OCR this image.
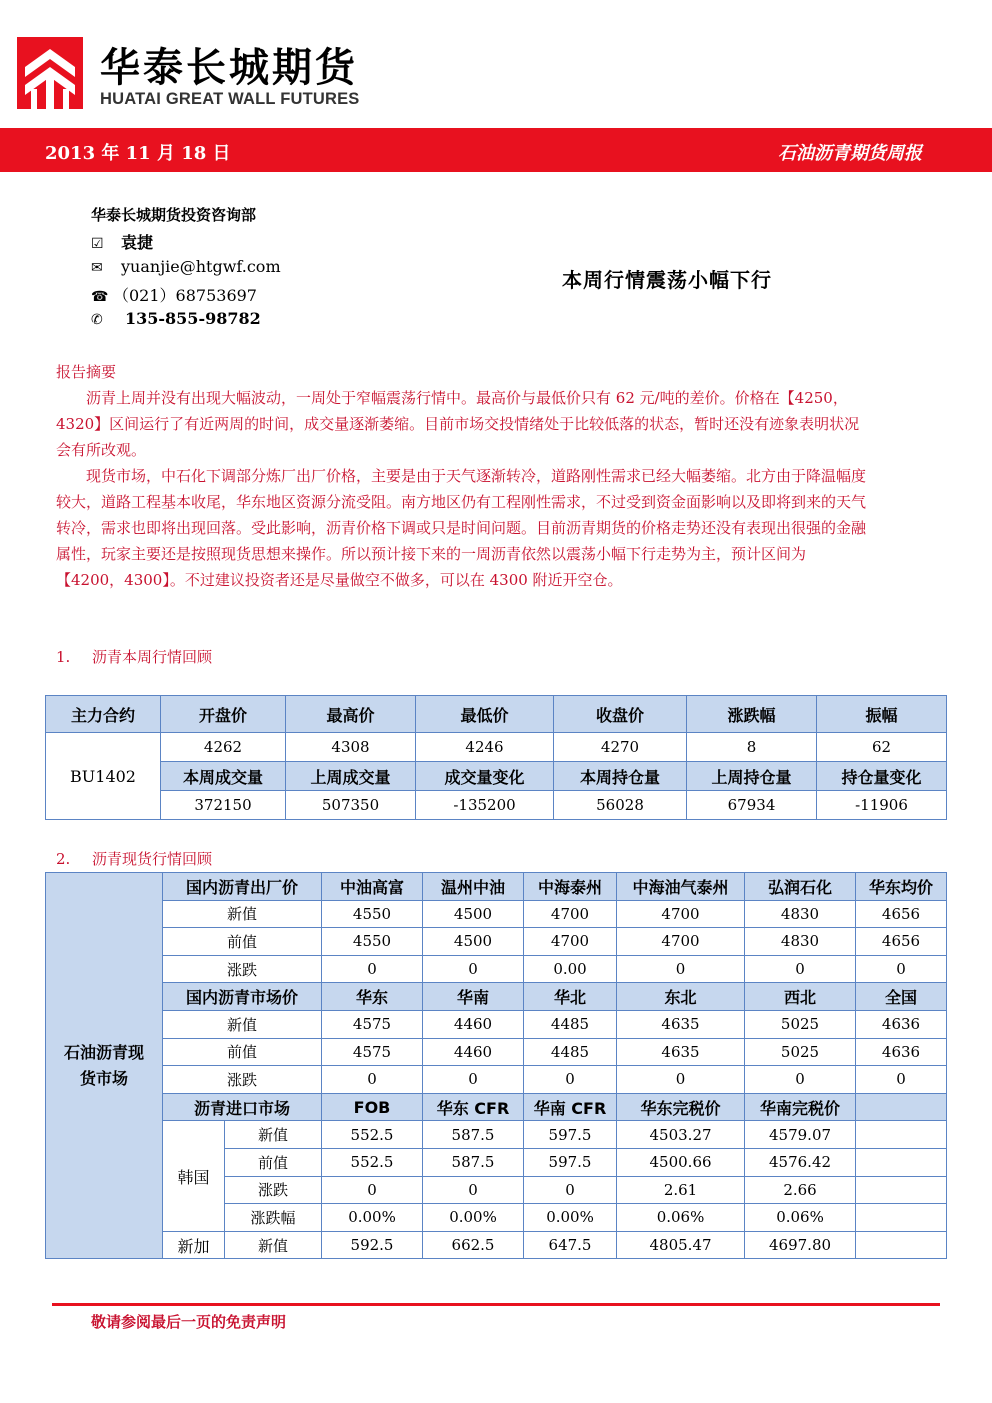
华泰长城期货
HUATAI GREAT WALL FUTURES
2013 年 11 月 18 日	石油沥青期货周报
华泰长城期货投资咨询部
☑ 袁捷
✉ yuanjie@htgwf.com
☎ （021）68753697
✆ 135-855-98782
本周行情震荡小幅下行

报告摘要

沥青上周并没有出现大幅波动，一周处于窄幅震荡行情中。最高价与最低价只有 62 元/吨的差价。价格在【4250，4320】区间运行了有近两周的时间，成交量逐渐萎缩。目前市场交投情绪处于比较低落的状态，暂时还没有迹象表明状况会有所改观。

现货市场，中石化下调部分炼厂出厂价格，主要是由于天气逐渐转冷，道路刚性需求已经大幅萎缩。北方由于降温幅度较大，道路工程基本收尾，华东地区资源分流受阻。南方地区仍有工程刚性需求，不过受到资金面影响以及即将到来的天气转冷，需求也即将出现回落。受此影响，沥青价格下调或只是时间问题。目前沥青期货的价格走势还没有表现出很强的金融属性，玩家主要还是按照现货思想来操作。所以预计接下来的一周沥青依然以震荡小幅下行走势为主，预计区间为【4200，4300】。不过建议投资者还是尽量做空不做多，可以在 4300 附近开空仓。

1. 沥青本周行情回顾
主力合约	开盘价	最高价	最低价	收盘价	涨跌幅	振幅
BU1402	4262	4308	4246	4270	8	62
	本周成交量	上周成交量	成交量变化	本周持仓量	上周持仓量	持仓量变化
	372150	507350	-135200	56028	67934	-11906
2. 沥青现货行情回顾
石油沥青现货市场	国内沥青出厂价		中油高富	温州中油	中海泰州	中海油气泰州	弘润石化	华东均价
	新值		4550	4500	4700	4700	4830	4656
	前值		4550	4500	4700	4700	4830	4656
	涨跌		0	0	0.00	0	0	0
	国内沥青市场价		华东	华南	华北	东北	西北	全国
	新值		4575	4460	4485	4635	5025	4636
	前值		4575	4460	4485	4635	5025	4636
	涨跌		0	0	0	0	0	0
	沥青进口市场		FOB	华东 CFR	华南 CFR	华东完税价	华南完税价	
	韩国	新值	552.5	587.5	597.5	4503.27	4579.07	
		前值	552.5	587.5	597.5	4500.66	4576.42	
		涨跌	0	0	0	2.61	2.66	
		涨跌幅	0.00%	0.00%	0.00%	0.06%	0.06%	
	新加	新值	592.5	662.5	647.5	4805.47	4697.80	
敬请参阅最后一页的免责声明
